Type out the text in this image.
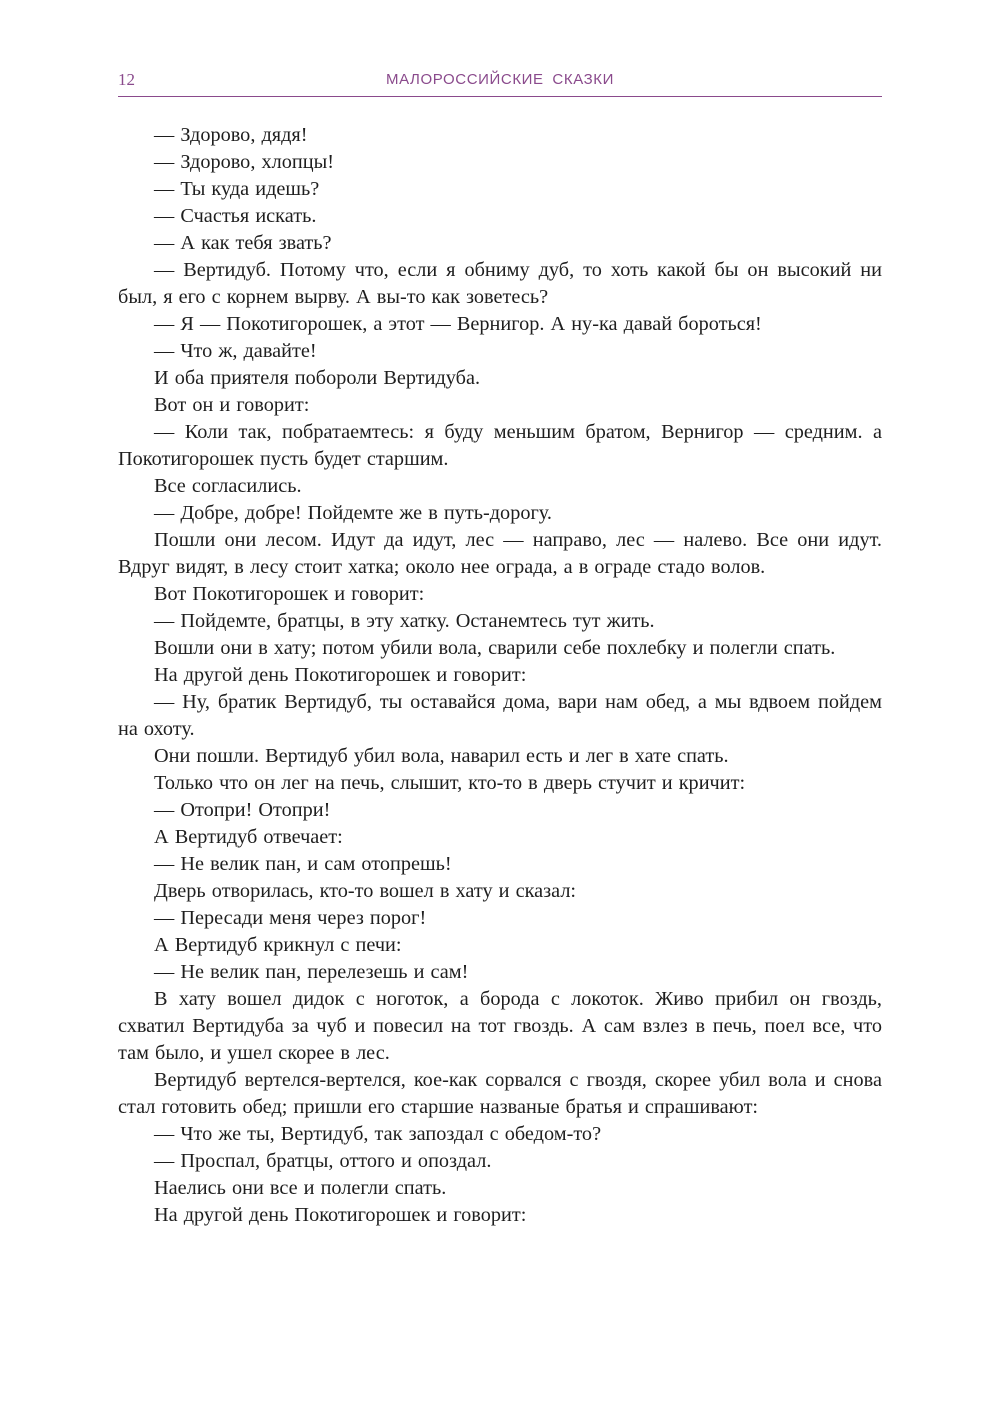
12	МАЛОРОССИЙСКИЕ СКАЗКИ

— Здорово, дядя!

— Здорово, хлопцы!

— Ты куда идешь?

— Счастья искать.

— А как тебя звать?

— Вертидуб. Потому что, если я обниму дуб, то хоть какой бы он высокий ни был, я его с корнем вырву. А вы-то как зоветесь?

— Я — Покотигорошек, а этот — Вернигор. А ну-ка давай бороться!

— Что ж, давайте!

И оба приятеля побороли Вертидуба.

Вот он и говорит:

— Коли так, побратаемтесь: я буду меньшим братом, Вернигор — средним. а Покотигорошек пусть будет старшим.

Все согласились.

— Добре, добре! Пойдемте же в путь-дорогу.

Пошли они лесом. Идут да идут, лес — направо, лес — налево. Все они идут. Вдруг видят, в лесу стоит хатка; около нее ограда, а в ограде стадо волов.

Вот Покотигорошек и говорит:

— Пойдемте, братцы, в эту хатку. Останемтесь тут жить.

Вошли они в хату; потом убили вола, сварили себе похлебку и полегли спать.

На другой день Покотигорошек и говорит:

— Ну, братик Вертидуб, ты оставайся дома, вари нам обед, а мы вдвоем пойдем на охоту.

Они пошли. Вертидуб убил вола, наварил есть и лег в хате спать.

Только что он лег на печь, слышит, кто-то в дверь стучит и кричит:

— Отопри! Отопри!

А Вертидуб отвечает:

— Не велик пан, и сам отопрешь!

Дверь отворилась, кто-то вошел в хату и сказал:

— Пересади меня через порог!

А Вертидуб крикнул с печи:

— Не велик пан, перелезешь и сам!

В хату вошел дидок с ноготок, а борода с локоток. Живо прибил он гвоздь, схватил Вертидуба за чуб и повесил на тот гвоздь. А сам взлез в печь, поел все, что там было, и ушел скорее в лес.

Вертидуб вертелся-вертелся, кое-как сорвался с гвоздя, скорее убил вола и снова стал готовить обед; пришли его старшие названые братья и спрашивают:

— Что же ты, Вертидуб, так запоздал с обедом-то?

— Проспал, братцы, оттого и опоздал.

Наелись они все и полегли спать.

На другой день Покотигорошек и говорит:
